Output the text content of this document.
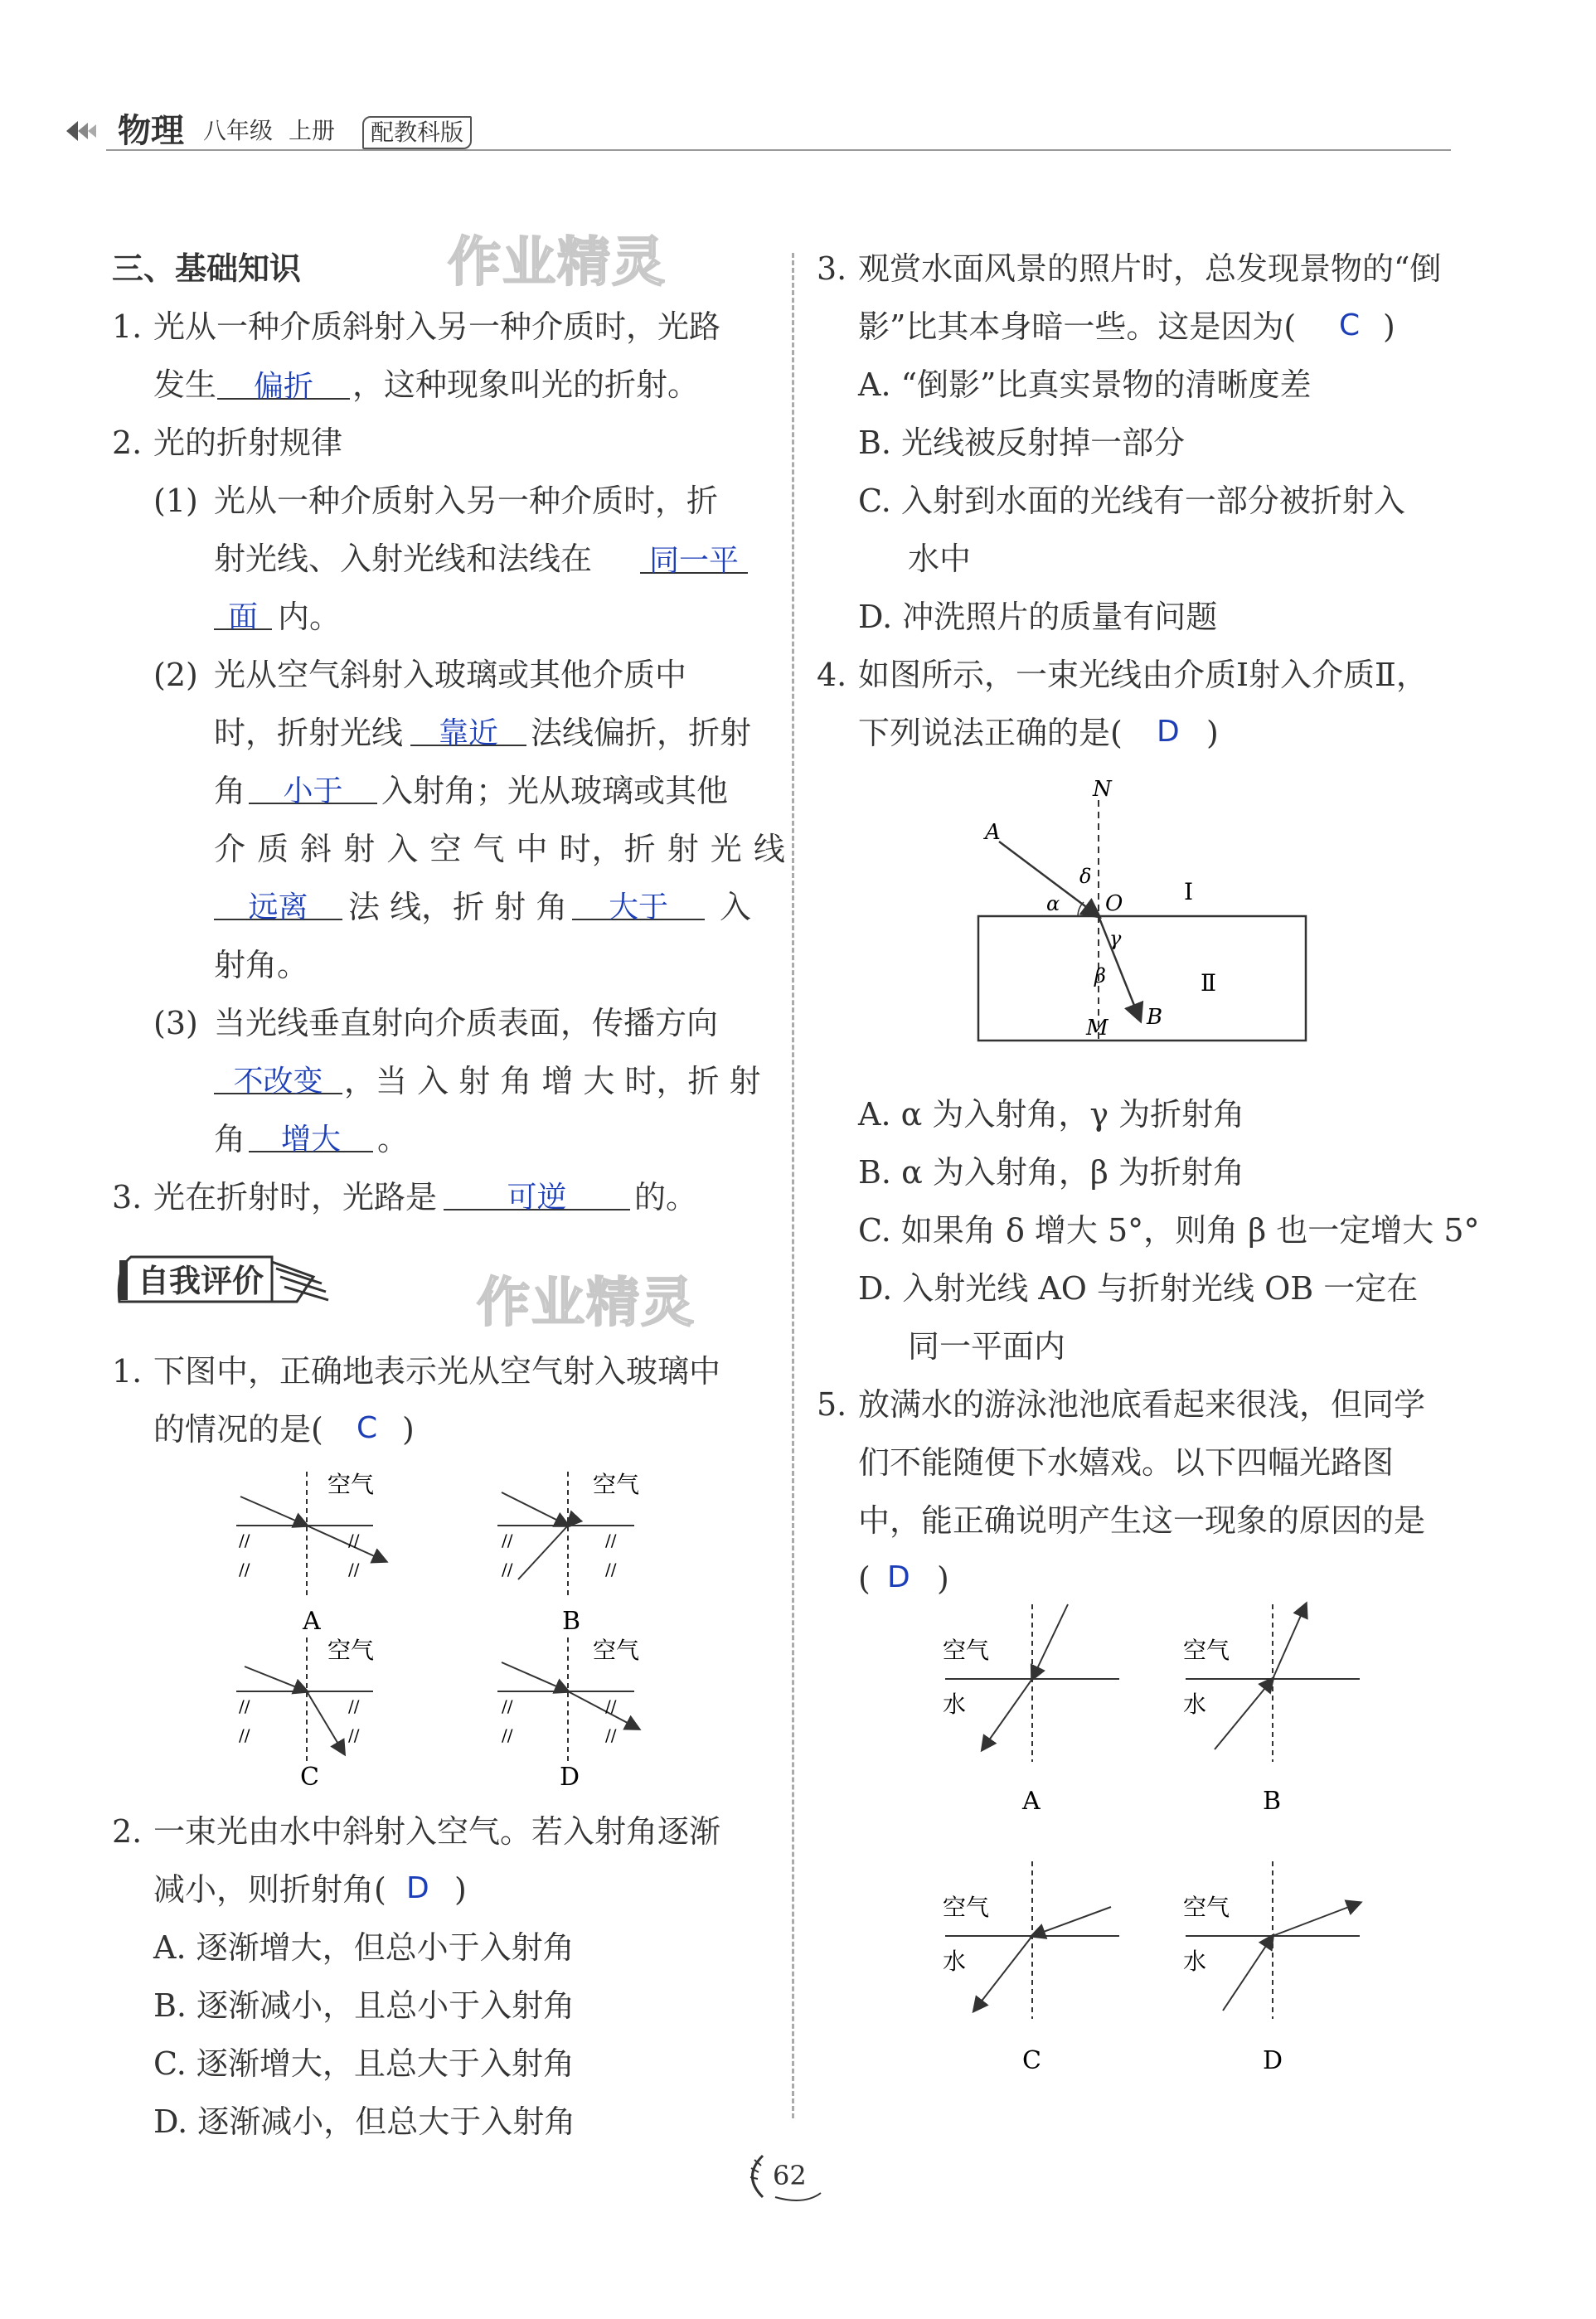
物理 八年级 上册	配教科版
作业精灵
作业精灵
三、基础知识
1. 光从一种介质斜射入另一种介质时，光路
发生	偏折	，这种现象叫光的折射。
2. 光的折射规律
(1) 光从一种介质射入另一种介质时，折
射光线、入射光线和法线在	同一平
面 内。
(2) 光从空气斜射入玻璃或其他介质中
时，折射光线	靠近	法线偏折，折射
角	小于	入射角；光从玻璃或其他
介 质 斜 射 入 空 气 中 时，折 射 光 线
远离	法 线，折 射 角	大于	入
射角。
(3) 当光线垂直射向介质表面，传播方向
不改变 ，当 入 射 角 增 大 时，折 射
角	增大	。
3. 光在折射时，光路是	可逆	的。
自我评价
1. 下图中，正确地表示光从空气射入玻璃中
的情况的是( C )
空气
//	//
//	//
A
空气
//	//
//	//
B
空气
//	//
//	//
C
空气
//	//
//	//
D
2. 一束光由水中斜射入空气。若入射角逐渐
减小，则折射角( D )
A. 逐渐增大，但总小于入射角
B. 逐渐减小，且总小于入射角
C. 逐渐增大，且总大于入射角
D. 逐渐减小，但总大于入射角
3. 观赏水面风景的照片时，总发现景物的“倒
影”比其本身暗一些。这是因为( C )
A. “倒影”比真实景物的清晰度差
B. 光线被反射掉一部分
C. 入射到水面的光线有一部分被折射入
水中
D. 冲洗照片的质量有问题
4. 如图所示，一束光线由介质Ⅰ射入介质Ⅱ，
下列说法正确的是( D )
N
A
O
M B
α
δ
γ
β
Ⅰ
Ⅱ
A. α 为入射角，γ 为折射角
B. α 为入射角，β 为折射角
C. 如果角 δ 增大 5°，则角 β 也一定增大 5°
D. 入射光线 AO 与折射光线 OB 一定在
同一平面内
5. 放满水的游泳池池底看起来很浅，但同学
们不能随便下水嬉戏。以下四幅光路图
中，能正确说明产生这一现象的原因的是
( D )
空气
水
A
空气
水
B
空气
水
C
空气
水
D
62
